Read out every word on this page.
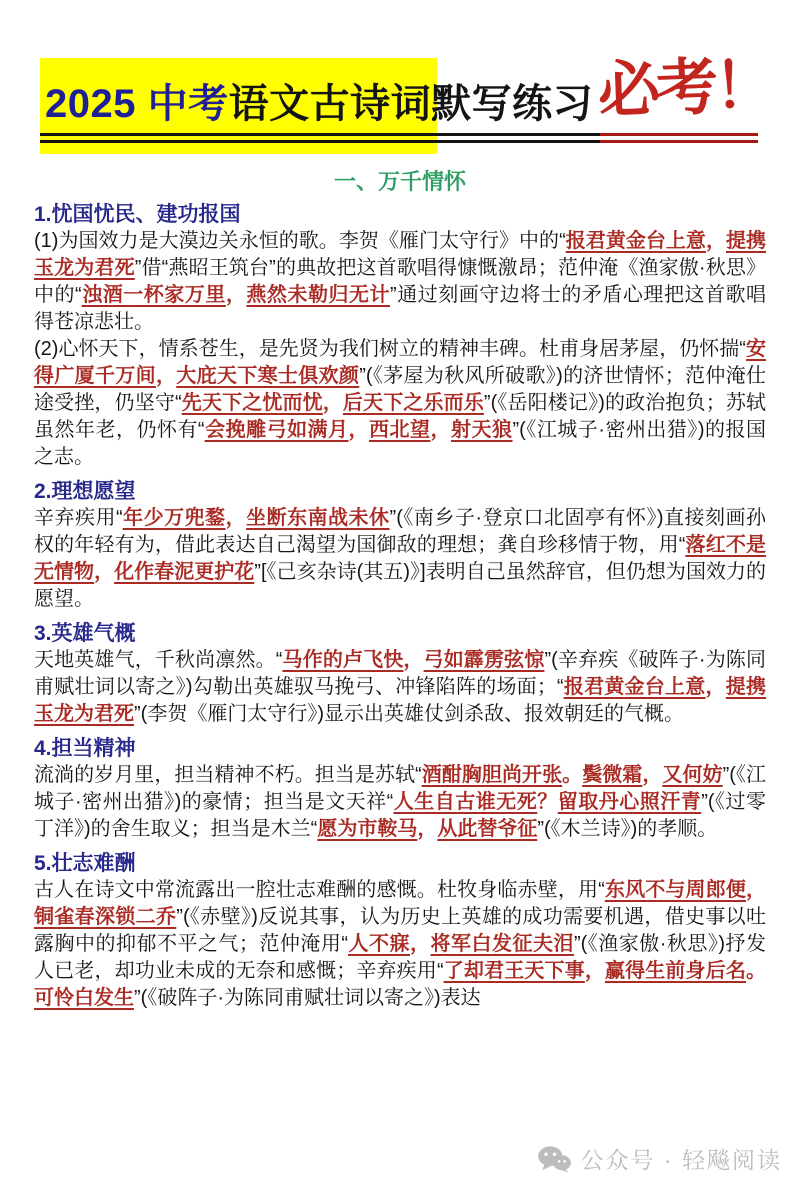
2025 中考语文古诗词默写练习 必考！
一、万千情怀
1.忧国忧民、建功报国

(1)为国效力是大漠边关永恒的歌。李贺《雁门太守行》中的“报君黄金台上意，提携玉龙为君死”借“燕昭王筑台”的典故把这首歌唱得慷慨激昂；范仲淹《渔家傲·秋思》中的“浊酒一杯家万里，燕然未勒归无计”通过刻画守边将士的矛盾心理把这首歌唱得苍凉悲壮。

(2)心怀天下，情系苍生，是先贤为我们树立的精神丰碑。杜甫身居茅屋，仍怀揣“安得广厦千万间，大庇天下寒士俱欢颜”(《茅屋为秋风所破歌》)的济世情怀；范仲淹仕途受挫，仍坚守“先天下之忧而忧，后天下之乐而乐”(《岳阳楼记》)的政治抱负；苏轼虽然年老，仍怀有“会挽雕弓如满月，西北望，射天狼”(《江城子·密州出猎》)的报国之志。

2.理想愿望

辛弃疾用“年少万兜鍪，坐断东南战未休”(《南乡子·登京口北固亭有怀》)直接刻画孙权的年轻有为，借此表达自己渴望为国御敌的理想；龚自珍移情于物，用“落红不是无情物，化作春泥更护花”[《己亥杂诗(其五)》]表明自己虽然辞官，但仍想为国效力的愿望。

3.英雄气概

天地英雄气，千秋尚凛然。“马作的卢飞快，弓如霹雳弦惊”(辛弃疾《破阵子·为陈同甫赋壮词以寄之》)勾勒出英雄驭马挽弓、冲锋陷阵的场面；“报君黄金台上意，提携玉龙为君死”(李贺《雁门太守行》)显示出英雄仗剑杀敌、报效朝廷的气概。

4.担当精神

流淌的岁月里，担当精神不朽。担当是苏轼“酒酣胸胆尚开张。鬓微霜，又何妨”(《江城子·密州出猎》)的豪情；担当是文天祥“人生自古谁无死？留取丹心照汗青”(《过零丁洋》)的舍生取义；担当是木兰“愿为市鞍马，从此替爷征”(《木兰诗》)的孝顺。

5.壮志难酬

古人在诗文中常流露出一腔壮志难酬的感慨。杜牧身临赤壁，用“东风不与周郎便，铜雀春深锁二乔”(《赤壁》)反说其事，认为历史上英雄的成功需要机遇，借史事以吐露胸中的抑郁不平之气；范仲淹用“人不寐，将军白发征夫泪”(《渔家傲·秋思》)抒发人已老，却功业未成的无奈和感慨；辛弃疾用“了却君王天下事，赢得生前身后名。可怜白发生”(《破阵子·为陈同甫赋壮词以寄之》)表达

公众号 · 轻飚阅读
